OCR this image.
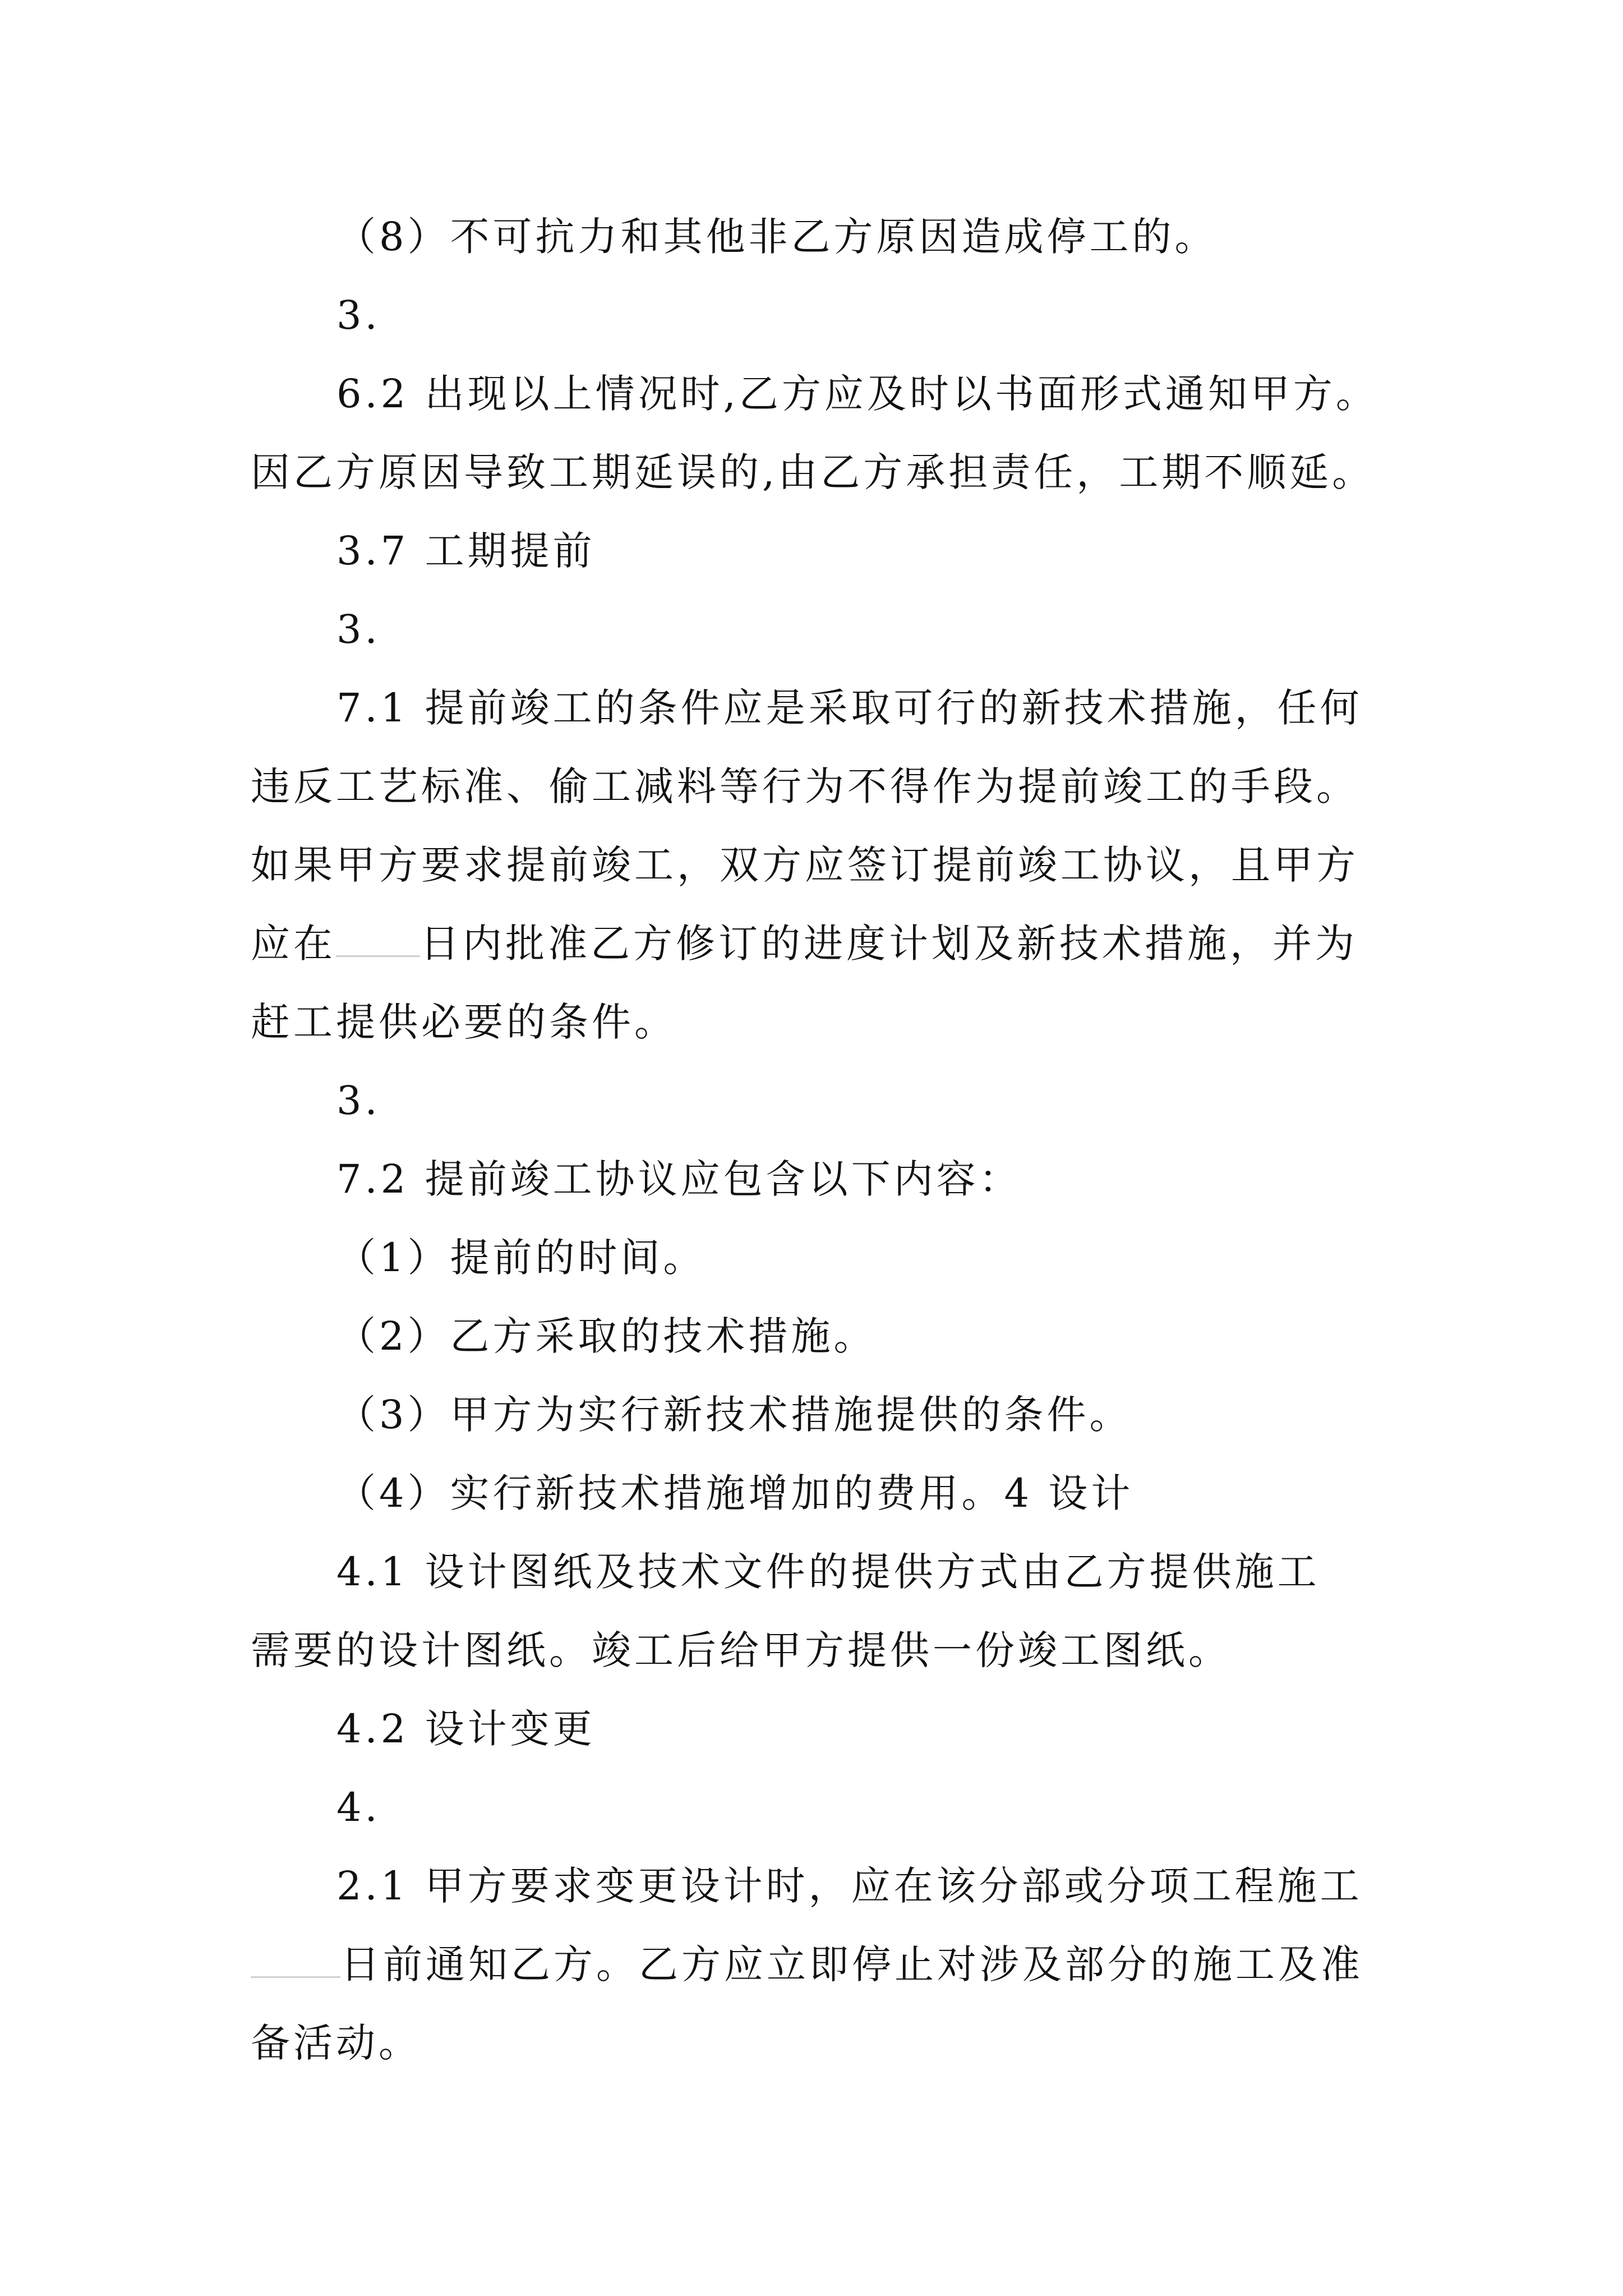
（8）不可抗力和其他非乙方原因造成停工的。
3.
6.2 出现以上情况时,乙方应及时以书面形式通知甲方。
因乙方原因导致工期延误的,由乙方承担责任，工期不顺延。
3.7 工期提前
3.
7.1 提前竣工的条件应是采取可行的新技术措施，任何
违反工艺标准、偷工减料等行为不得作为提前竣工的手段。
如果甲方要求提前竣工，双方应签订提前竣工协议，且甲方
应在 日内批准乙方修订的进度计划及新技术措施，并为
赶工提供必要的条件。
3.
7.2 提前竣工协议应包含以下内容：
（1）提前的时间。
（2）乙方采取的技术措施。
（3）甲方为实行新技术措施提供的条件。
（4）实行新技术措施增加的费用。4 设计
4.1 设计图纸及技术文件的提供方式由乙方提供施工
需要的设计图纸。竣工后给甲方提供一份竣工图纸。
4.2 设计变更
4.
2.1 甲方要求变更设计时，应在该分部或分项工程施工
日前通知乙方。乙方应立即停止对涉及部分的施工及准
备活动。
